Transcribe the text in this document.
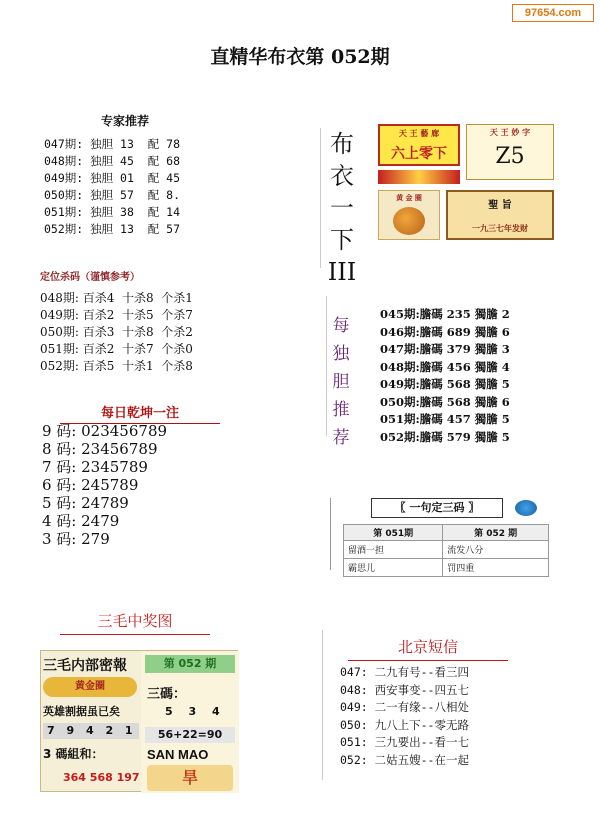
97654.com
直精华布衣第 052期
专家推荐
047期: 独胆 13  配 78
048期: 独胆 45  配 68
049期: 独胆 01  配 45
050期: 独胆 57  配 8.
051期: 独胆 38  配 14
052期: 独胆 13  配 57
定位杀码（谨慎参考）
048期: 百杀4  十杀8  个杀1
049期: 百杀2  十杀5  个杀7
050期: 百杀3  十杀8  个杀2
051期: 百杀2  十杀7  个杀0
052期: 百杀5  十杀1  个杀8
每日乾坤一注
9 码: 023456789
8 码: 23456789
7 码: 2345789
6 码: 245789
5 码: 24789
4 码: 2479
3 码: 279
三毛中奖图
三毛内部密報
黄金圈
英雄割据虽已矣
7 9 4 2 1
3 碼組和：
364 568 197
第 052 期
三碼：
5 3 4
56+22=90
SAN MAO
旱
布
衣
一
下
III
天 王 藝 廊
六上零下
天 王 妙 字
Z5
黄 金 圈
聖 旨
一九三七年发财
每
独
胆
推
荐
045期:膽碼 235 獨膽 2
046期:膽碼 689 獨膽 6
047期:膽碼 379 獨膽 3
048期:膽碼 456 獨膽 4
049期:膽碼 568 獨膽 5
050期:膽碼 568 獨膽 6
051期:膽碼 457 獨膽 5
052期:膽碼 579 獨膽 5
〖 一句定三码 〗
第 051期	第 052 期
留酒一担	流发八分
霸思儿	罚四重
北京短信
047: 二九有号--看三四
048: 西安事变--四五七
049: 二一有缘--八相处
050: 九八上下--零无路
051: 三九要出--看一七
052: 二姑五嫂--在一起
